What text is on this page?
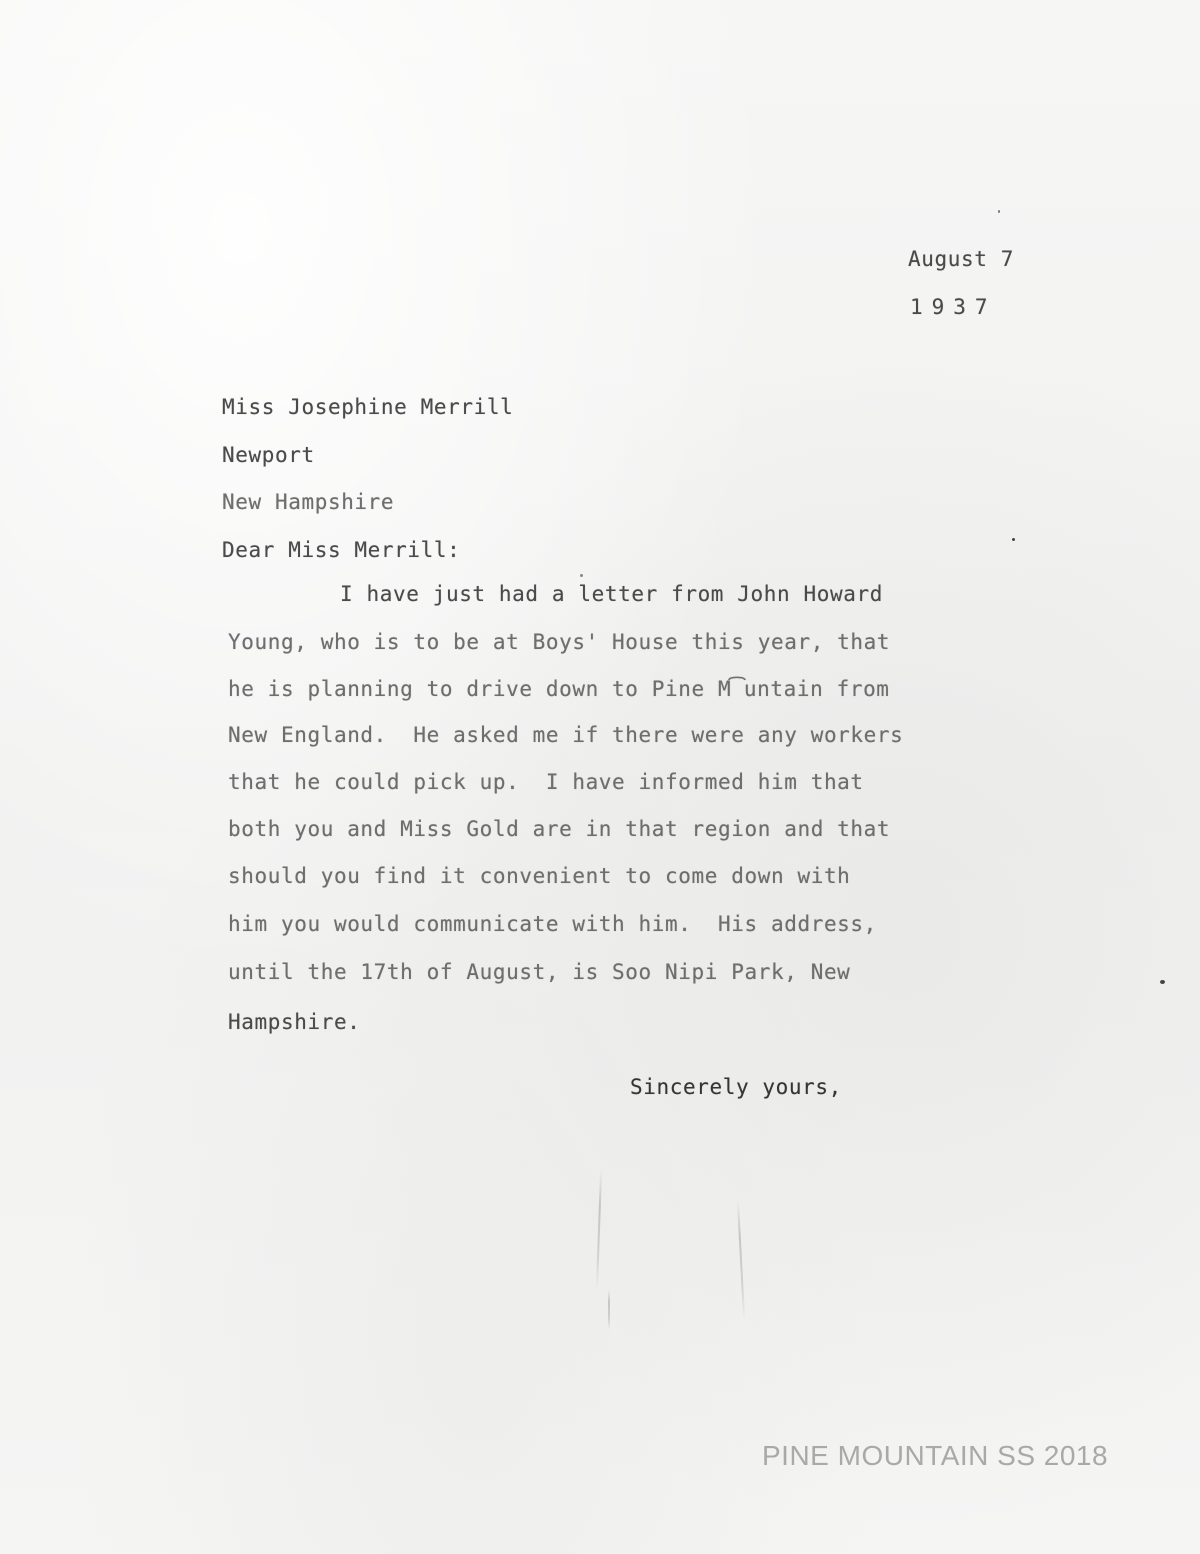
August 7
1937
Miss Josephine Merrill
Newport
New Hampshire
Dear Miss Merrill:
I have just had a letter from John Howard
Young, who is to be at Boys' House this year, that
he is planning to drive down to Pine M͡untain from
New England.  He asked me if there were any workers
that he could pick up.  I have informed him that
both you and Miss Gold are in that region and that
should you find it convenient to come down with
him you would communicate with him.  His address,
until the 17th of August, is Soo Nipi Park, New
Hampshire.
Sincerely yours,
PINE MOUNTAIN SS 2018
